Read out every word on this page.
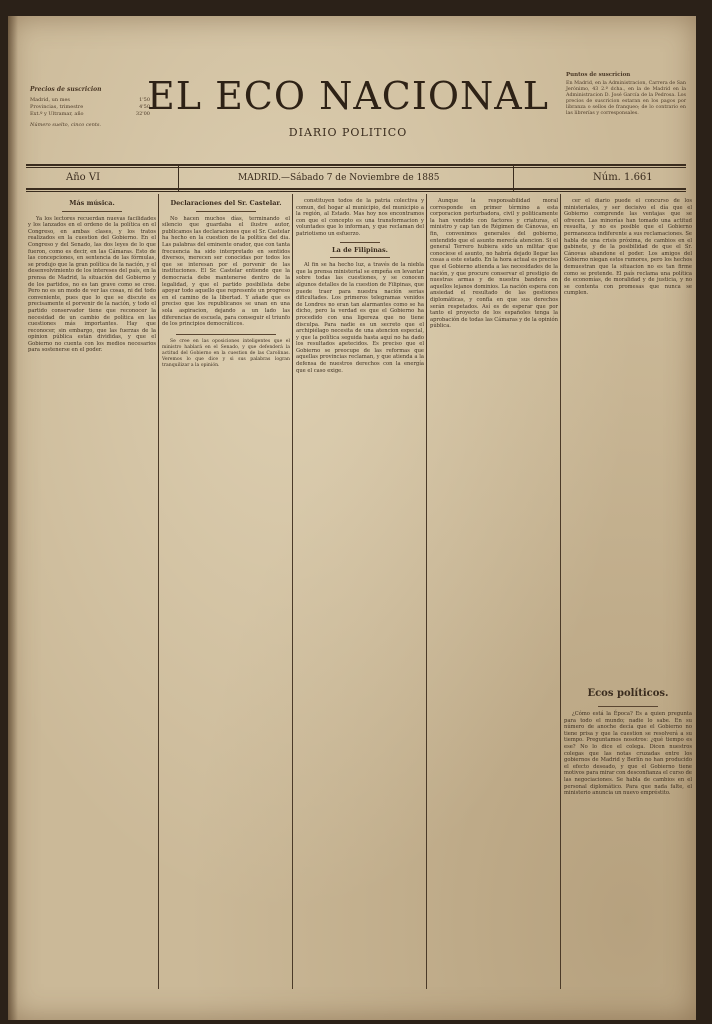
Precios de suscricion
Madrid, un mes	1'50
Provincias, trimestre	4'50
Ext.º y Ultramar, año	32'00
Número suelto, cinco cents.
EL ECO NACIONAL
DIARIO POLITICO
Puntos de suscricion
En Madrid, en la Administracion, Carrera de San Jerónimo, 43 2.º dcha., en la de Madrid en la Administracion D. José García de la Pedrosa. Los precios de suscricion estaran en los pagos por libranza o sellos de franqueo; de lo contrario en las librerías y corresponsales.
Año VI	MADRID.—Sábado 7 de Noviembre de 1885	Núm. 1.661
Más música.

Ya los lectores recuerdan nuevas facilidades y los lanzados en el ordeno de la política en el Congreso, en ambas clases, y los tratos realizados en la cuestion del Gobierno. En el Congreso y del Senado, las dos leyes de lo que fueron, como es decir, en las Cámaras. Esto de las concepciones, en sentencia de las fórmulas, se produjo que la gran política de la nación, y el desenvolvimiento de los intereses del país, en la prensa de Madrid, la situación del Gobierno y de los partidos, no es tan grave como se cree. Pero no es un modo de ver las cosas, ni del todo conveniente, pues que lo que se discute es precisamente el porvenir de la nación, y todo el partido conservador tiene que reconocer la necesidad de un cambio de política en las cuestiones más importantes. Hay que reconocer, sin embargo, que las fuerzas de la opinion pública están divididas, y que el Gobierno no cuenta con los medios necesarios para sostenerse en el poder.

Declaraciones del Sr. Castelar.

No hacen muchos días, terminando el silencio que guardaba el ilustre autor, publicamos las declaraciones que el Sr. Castelar ha hecho en la cuestion de la política del dia. Las palabras del eminente orador, que con tanta frecuencia ha sido interpretado en sentidos diversos, merecen ser conocidas por todos los que se interesan por el porvenir de las instituciones. El Sr. Castelar entiende que la democracia debe mantenerse dentro de la legalidad, y que el partido posibilista debe apoyar todo aquello que represente un progreso en el camino de la libertad. Y añade que es preciso que los republicanos se unan en una sola aspiracion, dejando a un lado las diferencias de escuela, para conseguir el triunfo de los principios democráticos.

Se cree en las oposiciones inteligentes que el ministro hablará en el Senado, y que defenderá la actitud del Gobierno en la cuestion de las Carolinas. Veremos lo que dice y si sus palabras logran tranquilizar a la opinión.

constituyen todos de la patria colectiva y comun, del hogar al municipio, del municipio a la región, al Estado. Mas hoy nos encontramos con que el concepto es una transformacion y voluntades que lo informan, y que reclaman del patriotismo un esfuerzo.

La de Filipinas.

Al fin se ha hecho luz, a través de la niebla que la prensa ministerial se empeña en levantar sobre todas las cuestiones, y se conocen algunos detalles de la cuestion de Filipinas, que puede traer para nuestra nación serias dificultades. Los primeros telegramas venidos de Londres no eran tan alarmantes como se ha dicho, pero la verdad es que el Gobierno ha procedido con una ligereza que no tiene disculpa. Para nadie es un secreto que el archipiélago necesita de una atencion especial, y que la política seguida hasta aquí no ha dado los resultados apetecidos. Es preciso que el Gobierno se preocupe de las reformas que aquellas provincias reclaman, y que atienda a la defensa de nuestros derechos con la energía que el caso exige.

Aunque la responsabilidad moral corresponde en primer término a esta corporacion perturbadora, civil y politicamente la han vendido con factores y criaturas, el ministro y cap tan de Régimen de Cánovas, en fin, convenimos generales del gobierno, entendido que el asunto merecía atencion. Si el general Terrero hubiera sido un militar que conociese el asunto, no habría dejado llegar las cosas a este estado. En la hora actual es preciso que el Gobierno atienda a las necesidades de la nación, y que procure conservar el prestigio de nuestras armas y de nuestra bandera en aquellos lejanos dominios. La nación espera con ansiedad el resultado de las gestiones diplomáticas, y confía en que sus derechos serán respetados. Así es de esperar que por tanto el proyecto de los españoles tenga la aprobación de todas las Cámaras y de la opinión pública.

cer el diario puede el concurso de los ministeriales, y ser decisivo el día que el Gobierno comprende las ventajas que se ofrecen. Las minorías han tomado una actitud resuelta, y no es posible que el Gobierno permanezca indiferente a sus reclamaciones. Se habla de una crisis próxima, de cambios en el gabinete, y de la posibilidad de que el Sr. Cánovas abandone el poder. Los amigos del Gobierno niegan estos rumores, pero los hechos demuestran que la situacion no es tan firme como se pretende. El país reclama una política de economías, de moralidad y de justicia, y no se contenta con promesas que nunca se cumplen.

Ecos políticos.

¿Cómo está la Época? Es a quien pregunta para todo el mundo; nadie lo sabe. En su número de anoche decía que el Gobierno no tiene prisa y que la cuestion se resolverá a su tiempo. Preguntamos nosotros: ¿qué tiempo es ese? No lo dice el colega. Dicen nuestros colegas que las notas cruzadas entre los gobiernos de Madrid y Berlín no han producido el efecto deseado, y que el Gobierno tiene motivos para mirar con desconfianza el curso de las negociaciones. Se habla de cambios en el personal diplomático. Para que nada falte, el ministerio anuncia un nuevo empréstito.
